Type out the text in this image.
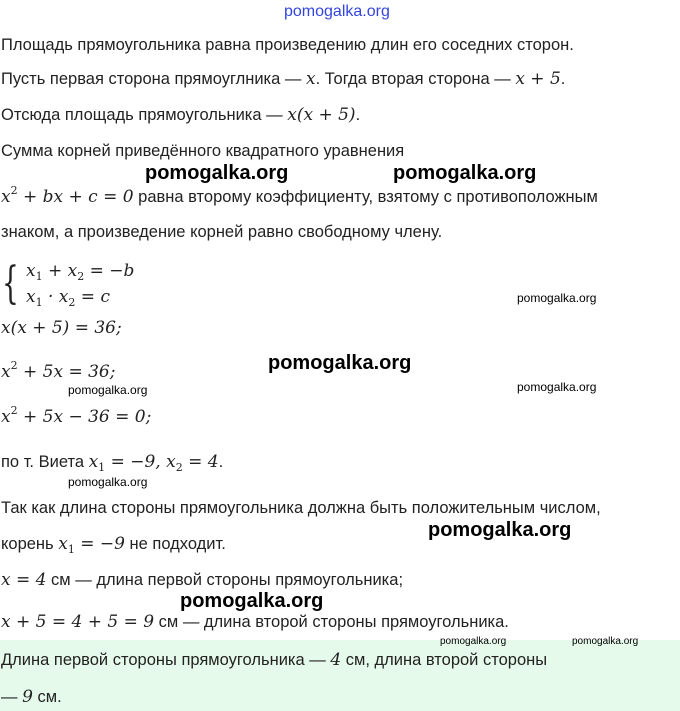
{
Площадь прямоугольника равна произведению длин его соседних сторон.
Пусть первая сторона прямоуглника — x. Тогда вторая сторона — x + 5.
Отсюда площадь прямоугольника — x(x + 5).
Сумма корней приведённого квадратного уравнения
$x^2$ + bx + c = 0 равна второму коэффициенту, взятому с противоположным
знаком, а произведение корней равно свободному члену.
$x_1 + x_2 = -b$
$x_1 \cdot x_2 = c$
x(x + 5) = 36;
$x^2 + 5x = 36$;
$x^2 + 5x - 36 = 0$;
по т. Виета $x_1 = -9$, $x_2 = 4$.
Так как длина стороны прямоугольника должна быть положительным числом,
корень $x_1 = -9$ не подходит.
x = 4 см — длина первой стороны прямоугольника;
x + 5 = 4 + 5 = 9 см — длина второй стороны прямоугольника.
Длина первой стороны прямоугольника — 4 см, длина второй стороны
— 9 см.
pomogalka.org
pomogalka.org	pomogalka.org
pomogalka.org
pomogalka.org
pomogalka.org	pomogalka.org
pomogalka.org
pomogalka.org
pomogalka.org
pomogalka.org	pomogalka.org
